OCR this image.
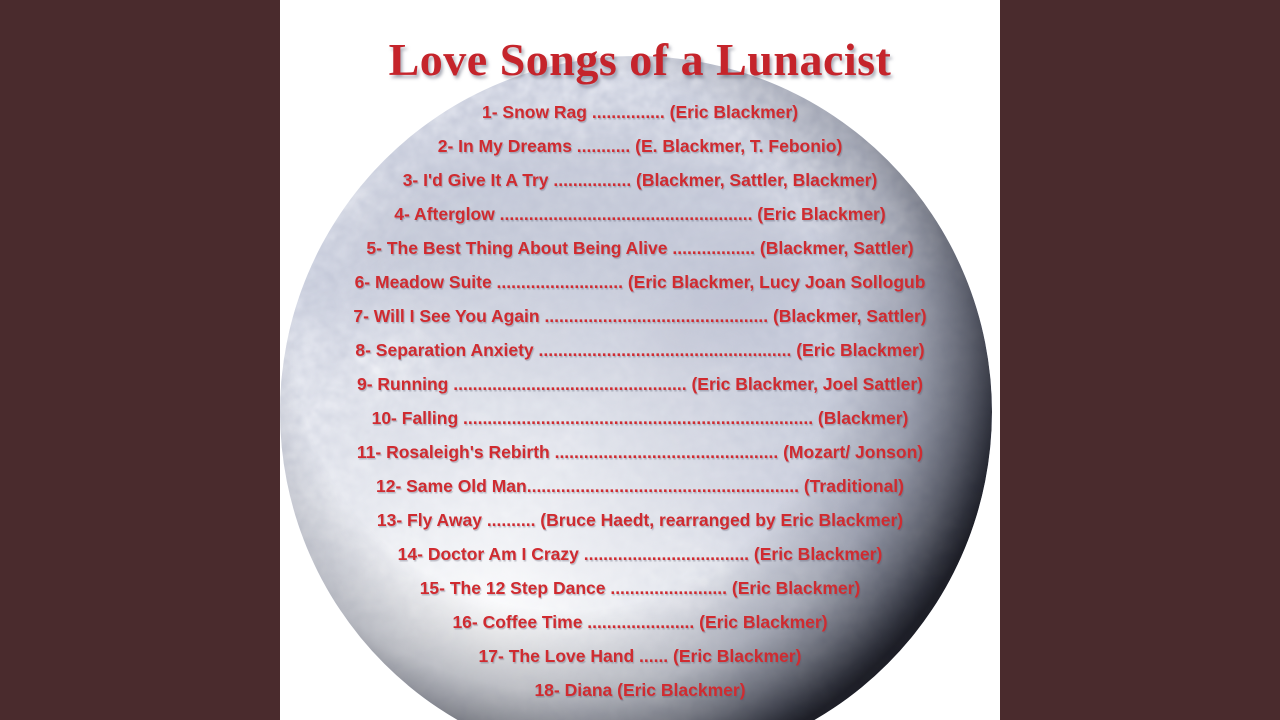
Love Songs of a Lunacist
1- Snow Rag ............... (Eric Blackmer)
2- In My Dreams ........... (E. Blackmer, T. Febonio)
3- I'd Give It A Try ................ (Blackmer, Sattler, Blackmer)
4- Afterglow .................................................... (Eric Blackmer)
5- The Best Thing About Being Alive ................. (Blackmer, Sattler)
6- Meadow Suite .......................... (Eric Blackmer, Lucy Joan Sollogub
7- Will I See You Again .............................................. (Blackmer, Sattler)
8- Separation Anxiety .................................................... (Eric Blackmer)
9- Running ................................................ (Eric Blackmer, Joel Sattler)
10- Falling ........................................................................ (Blackmer)
11- Rosaleigh's Rebirth .............................................. (Mozart/ Jonson)
12- Same Old Man........................................................ (Traditional)
13- Fly Away .......... (Bruce Haedt, rearranged by Eric Blackmer)
14- Doctor Am I Crazy .................................. (Eric Blackmer)
15- The 12 Step Dance ........................ (Eric Blackmer)
16- Coffee Time ...................... (Eric Blackmer)
17- The Love Hand ...... (Eric Blackmer)
18- Diana (Eric Blackmer)
